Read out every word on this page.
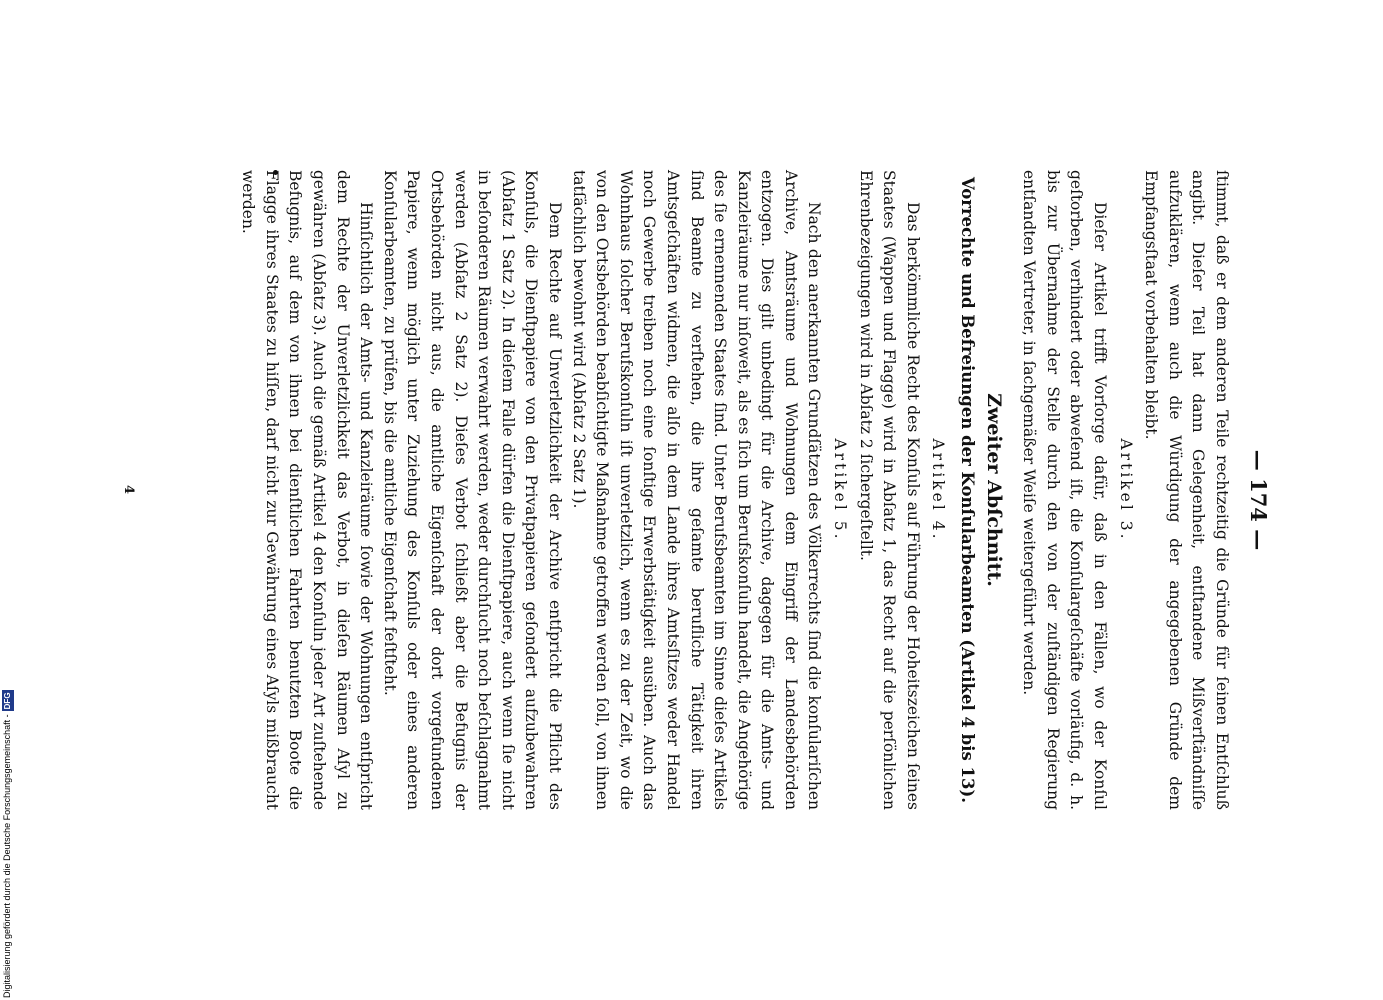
— 174 —

ſtimmt, daß er dem anderen Teile rechtzeitig die Gründe für ſeinen Entſchluß angibt. Dieſer Teil hat dann Gelegenheit, entſtandene Mißverſtändniſſe aufzuklären, wenn auch die Würdigung der angegebenen Gründe dem Empfangsſtaat vorbehalten bleibt.

Artikel 3.

Dieſer Artikel trifft Vorſorge dafür, daß in den Fällen, wo der Konſul geſtorben, verhindert oder abweſend iſt, die Konſulargeſchäfte vorläufig, d. h. bis zur Übernahme der Stelle durch den von der zuſtändigen Regierung entſandten Vertreter, in ſachgemäßer Weiſe weitergeführt werden.

Zweiter Abſchnitt.
Vorrechte und Befreiungen der Konſularbeamten (Artikel 4 bis 13).
Artikel 4.

Das herkömmliche Recht des Konſuls auf Führung der Hoheitszeichen ſeines Staates (Wappen und Flagge) wird in Abſatz 1, das Recht auf die perſönlichen Ehrenbezeigungen wird in Abſatz 2 ſichergeſtellt.

Artikel 5.

Nach den anerkannten Grundſätzen des Völkerrechts ſind die konſulariſchen Archive, Amtsräume und Wohnungen dem Eingriff der Landesbehörden entzogen. Dies gilt unbedingt für die Archive, dagegen für die Amts- und Kanzleiräume nur inſoweit, als es ſich um Berufskonſuln handelt, die Angehörige des ſie ernennenden Staates ſind. Unter Berufsbeamten im Sinne dieſes Artikels ſind Beamte zu verſtehen, die ihre geſamte berufliche Tätigkeit ihren Amtsgeſchäften widmen, die alſo in dem Lande ihres Amtsſitzes weder Handel noch Gewerbe treiben noch eine ſonſtige Erwerbstätigkeit ausüben. Auch das Wohnhaus ſolcher Berufskonſuln iſt unverletzlich, wenn es zu der Zeit, wo die von den Ortsbehörden beabſichtigte Maßnahme getroffen werden ſoll, von ihnen tatſächlich bewohnt wird (Abſatz 2 Satz 1).

Dem Rechte auf Unverletzlichkeit der Archive entſpricht die Pflicht des Konſuls, die Dienſtpapiere von den Privatpapieren geſondert aufzubewahren (Abſatz 1 Satz 2). In dieſem Falle dürfen die Dienſtpapiere, auch wenn ſie nicht in beſonderen Räumen verwahrt werden, weder durchſucht noch beſchlagnahmt werden (Abſatz 2 Satz 2). Dieſes Verbot ſchließt aber die Befugnis der Ortsbehörden nicht aus, die amtliche Eigenſchaft der dort vorgefundenen Papiere, wenn möglich unter Zuziehung des Konſuls oder eines anderen Konſularbeamten, zu prüfen, bis die amtliche Eigenſchaft feſtſteht.

Hinſichtlich der Amts- und Kanzleiräume ſowie der Wohnungen entſpricht dem Rechte der Unverletzlichkeit das Verbot, in dieſen Räumen Aſyl zu gewähren (Abſatz 3). Auch die gemäß Artikel 4 den Konſuln jeder Art zuſtehende Befugnis, auf dem von ihnen bei dienſtlichen Fahrten benutzten Boote die Flagge ihres Staates zu hiſſen, darf nicht zur Gewährung eines Aſyls mißbraucht werden.

4
Digitalisierung gefördert durch die Deutsche Forschungsgemeinschaft -DFG
